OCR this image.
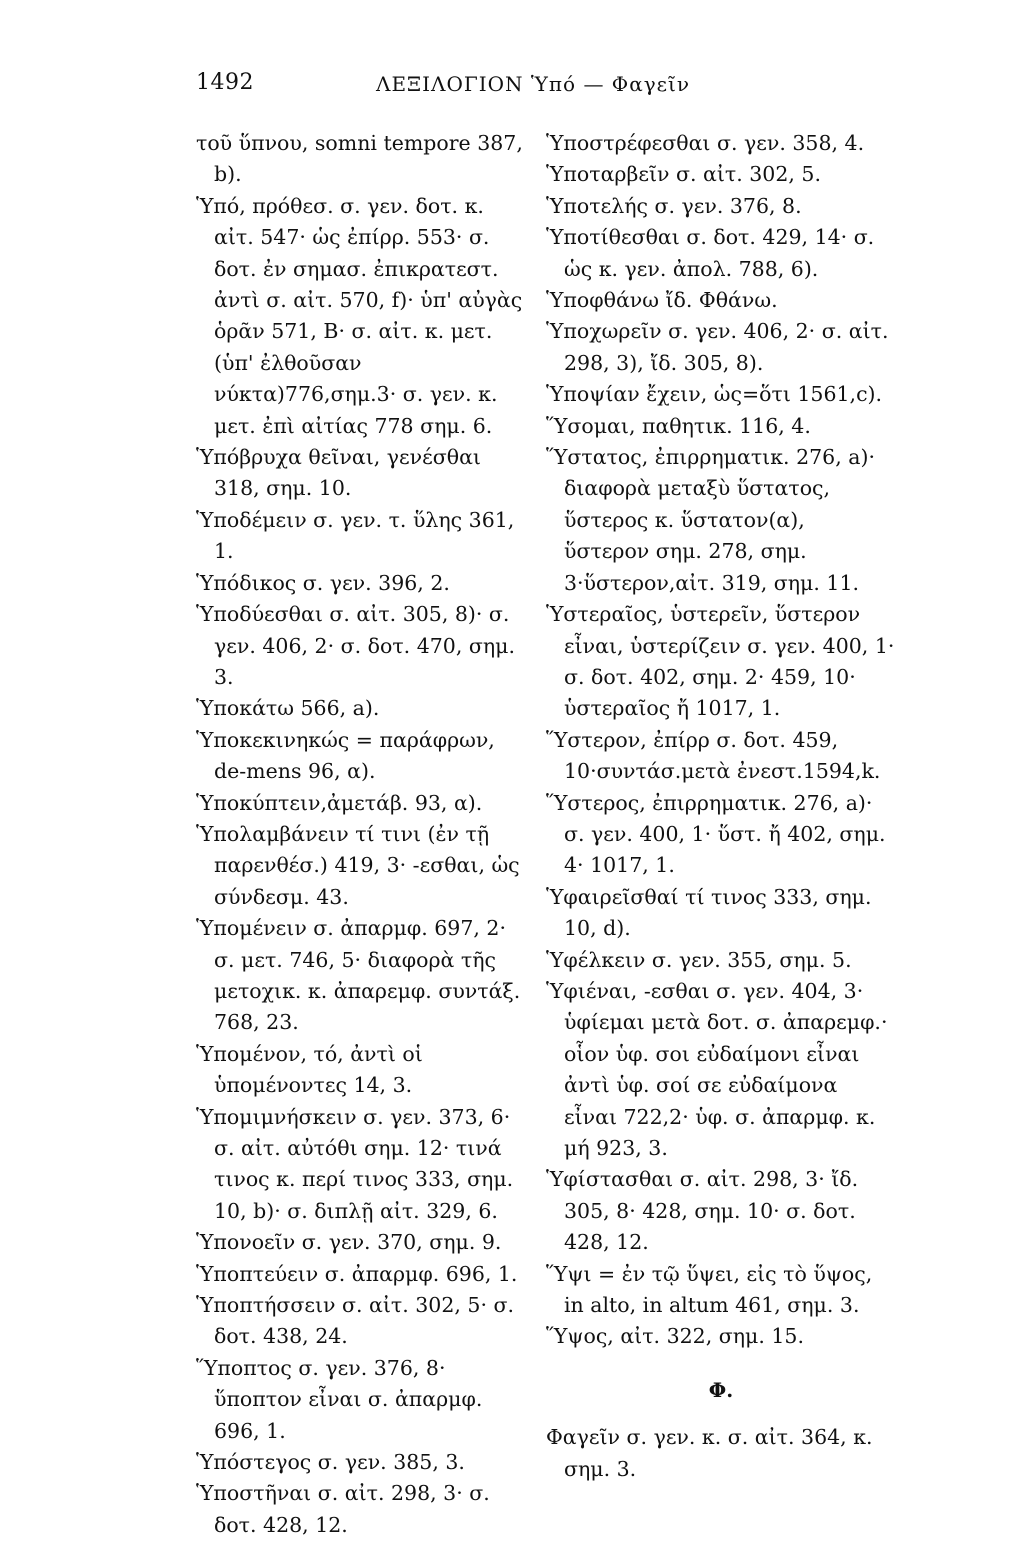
1492	ΛΕΞΙΛΟΓΙΟΝ Ὑπό — Φαγεῖν

τοῦ ὕπνου, somni tempore 387, b).

Ὑπό, πρόθεσ. σ. γεν. δοτ. κ. αἰτ. 547· ὡς ἐπίρρ. 553· σ. δοτ. ἐν σημασ. ἐπικρατεστ. ἀντὶ σ. αἰτ. 570, f)· ὑπ' αὐγὰς ὁρᾶν 571, Β· σ. αἰτ. κ. μετ. (ὑπ' ἐλθοῦσαν νύκτα)776,σημ.3· σ. γεν. κ. μετ. ἐπὶ αἰτίας 778 σημ. 6.

Ὑπόβρυχα θεῖναι, γενέσθαι 318, σημ. 10.

Ὑποδέμειν σ. γεν. τ. ὕλης 361, 1.

Ὑπόδικος σ. γεν. 396, 2.

Ὑποδύεσθαι σ. αἰτ. 305, 8)· σ. γεν. 406, 2· σ. δοτ. 470, σημ. 3.

Ὑποκάτω 566, a).

Ὑποκεκινηκώς = παράφρων, de-mens 96, α).

Ὑποκύπτειν,ἀμετάβ. 93, α).

Ὑπολαμβάνειν τί τινι (ἐν τῇ παρενθέσ.) 419, 3· -εσθαι, ὡς σύνδεσμ. 43.

Ὑπομένειν σ. ἀπαρμφ. 697, 2· σ. μετ. 746, 5· διαφορὰ τῆς μετοχικ. κ. ἀπαρεμφ. συντάξ. 768, 23.

Ὑπομένον, τό, ἀντὶ οἱ ὑπομένοντες 14, 3.

Ὑπομιμνήσκειν σ. γεν. 373, 6· σ. αἰτ. αὐτόθι σημ. 12· τινά τινος κ. περί τινος 333, σημ. 10, b)· σ. διπλῇ αἰτ. 329, 6.

Ὑπονοεῖν σ. γεν. 370, σημ. 9.

Ὑποπτεύειν σ. ἀπαρμφ. 696, 1.

Ὑποπτήσσειν σ. αἰτ. 302, 5· σ. δοτ. 438, 24.

Ὕποπτος σ. γεν. 376, 8· ὕποπτον εἶναι σ. ἀπαρμφ. 696, 1.

Ὑπόστεγος σ. γεν. 385, 3.

Ὑποστῆναι σ. αἰτ. 298, 3· σ. δοτ. 428, 12.

Ὑποστρέφεσθαι σ. γεν. 358, 4.

Ὑποταρβεῖν σ. αἰτ. 302, 5.

Ὑποτελής σ. γεν. 376, 8.

Ὑποτίθεσθαι σ. δοτ. 429, 14· σ. ὡς κ. γεν. ἀπολ. 788, 6).

Ὑποφθάνω ἴδ. Φθάνω.

Ὑποχωρεῖν σ. γεν. 406, 2· σ. αἰτ. 298, 3), ἴδ. 305, 8).

Ὑποψίαν ἔχειν, ὡς=ὅτι 1561,c).

Ὕσομαι, παθητικ. 116, 4.

Ὕστατος, ἐπιρρηματικ. 276, a)· διαφορὰ μεταξὺ ὕστατος, ὕστερος κ. ὕστατον(α), ὕστερον σημ. 278, σημ. 3·ὕστερον,αἰτ. 319, σημ. 11.

Ὑστεραῖος, ὑστερεῖν, ὕστερον εἶναι, ὑστερίζειν σ. γεν. 400, 1· σ. δοτ. 402, σημ. 2· 459, 10· ὑστεραῖος ἤ 1017, 1.

Ὕστερον, ἐπίρρ σ. δοτ. 459, 10·συντάσ.μετὰ ἐνεστ.1594,k.

Ὕστερος, ἐπιρρηματικ. 276, a)· σ. γεν. 400, 1· ὕστ. ἤ 402, σημ. 4· 1017, 1.

Ὑφαιρεῖσθαί τί τινος 333, σημ. 10, d).

Ὑφέλκειν σ. γεν. 355, σημ. 5.

Ὑφιέναι, -εσθαι σ. γεν. 404, 3· ὑφίεμαι μετὰ δοτ. σ. ἀπαρεμφ.· οἷον ὑφ. σοι εὐδαίμονι εἶναι ἀντὶ ὑφ. σοί σε εὐδαίμονα εἶναι 722,2· ὑφ. σ. ἀπαρμφ. κ. μή 923, 3.

Ὑφίστασθαι σ. αἰτ. 298, 3· ἴδ. 305, 8· 428, σημ. 10· σ. δοτ. 428, 12.

Ὕψι = ἐν τῷ ὕψει, εἰς τὸ ὕψος, in alto, in altum 461, σημ. 3.

Ὕψος, αἰτ. 322, σημ. 15.

Φ.

Φαγεῖν σ. γεν. κ. σ. αἰτ. 364, κ. σημ. 3.
